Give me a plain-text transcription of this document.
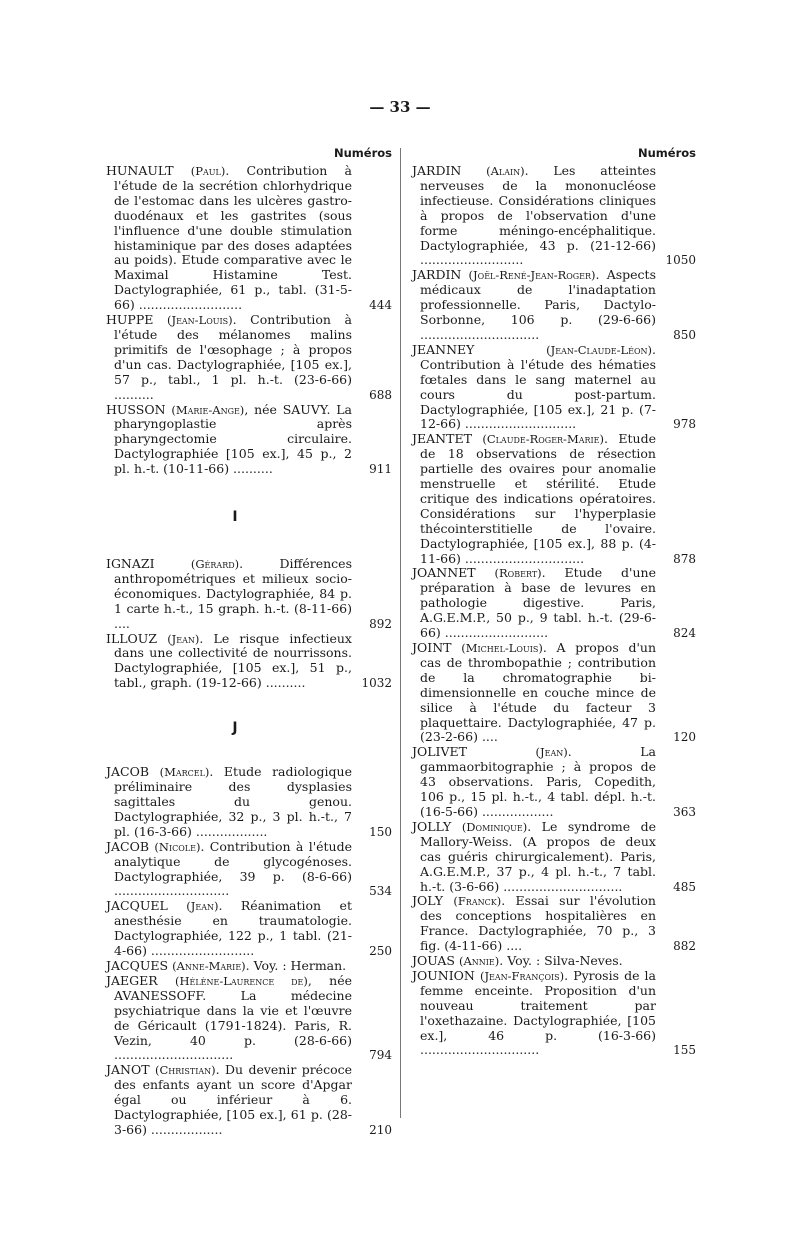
— 33 —
Numéros
HUNAULT (Paul). Contribution à l'étude de la secrétion chlorhydrique de l'estomac dans les ulcères gastro-duodénaux et les gastrites (sous l'influence d'une double stimulation histaminique par des doses adaptées au poids). Etude comparative avec le Maximal Histamine Test. Dactylographiée, 61 p., tabl. (31-5-66) ..........................	444
HUPPE (Jean-Louis). Contribution à l'étude des mélanomes malins primitifs de l'œsophage ; à propos d'un cas. Dactylographiée, [105 ex.], 57 p., tabl., 1 pl. h.-t. (23-6-66) ..........	688
HUSSON (Marie-Ange), née SAUVY. La pharyngoplastie après pharyngectomie circulaire. Dactylographiée [105 ex.], 45 p., 2 pl. h.-t. (10-11-66) ..........	911
I
IGNAZI	(Gérard). Différences anthropométriques et milieux socio-économiques. Dactylographiée, 84 p. 1 carte h.-t., 15 graph. h.-t. (8-11-66) ....	892
ILLOUZ (Jean). Le risque infectieux dans une collectivité de nourrissons. Dactylographiée, [105 ex.], 51 p., tabl., graph. (19-12-66) ..........	1032
J
JACOB (Marcel). Etude radiologique préliminaire des dysplasies sagittales du genou. Dactylographiée, 32 p., 3 pl. h.-t., 7 pl. (16-3-66) ..................	150
JACOB (Nicole). Contribution à l'étude analytique de glycogénoses. Dactylographiée, 39 p. (8-6-66) .............................	534
JACQUEL (Jean). Réanimation et anesthésie en traumatologie. Dactylographiée, 122 p., 1 tabl. (21-4-66) ..........................	250
JACQUES (Anne-Marie). Voy. : Herman.
JAEGER (Hélène-Laurence de), née AVANESSOFF. La médecine psychiatrique dans la vie et l'œuvre de Géricault (1791-1824). Paris, R. Vezin, 40 p. (28-6-66) ..............................	794
JANOT (Christian). Du devenir précoce des enfants ayant un score d'Apgar égal ou inférieur à 6. Dactylographiée, [105 ex.], 61 p. (28-3-66) ..................	210
Numéros
JARDIN (Alain). Les atteintes nerveuses de la mononucléose infectieuse. Considérations cliniques à propos de l'observation d'une forme méningo-encéphalitique. Dactylographiée, 43 p. (21-12-66) ..........................	1050
JARDIN (Joël-René-Jean-Roger). Aspects médicaux de l'inadaptation professionnelle. Paris, Dactylo-Sorbonne, 106 p. (29-6-66) ..............................	850
JEANNEY	(Jean-Claude-Léon). Contribution à l'étude des hématies fœtales dans le sang maternel au cours du post-partum. Dactylographiée, [105 ex.], 21 p. (7-12-66) ............................	978
JEANTET (Claude-Roger-Marie). Etude de 18 observations de résection partielle des ovaires pour anomalie menstruelle et stérilité. Etude critique des indications opératoires. Considérations sur l'hyperplasie thécointerstitielle de l'ovaire. Dactylographiée, [105 ex.], 88 p. (4-11-66) ..............................	878
JOANNET (Robert). Etude d'une préparation à base de levures en pathologie digestive. Paris, A.G.E.M.P., 50 p., 9 tabl. h.-t. (29-6-66) ..........................	824
JOINT (Michel-Louis). A propos d'un cas de thrombopathie ; contribution de la chromatographie bi-dimensionnelle en couche mince de silice à l'étude du facteur 3 plaquettaire. Dactylographiée, 47 p. (23-2-66) ....	120
JOLIVET	(Jean). La gammaorbitographie ; à propos de 43 observations. Paris, Copedith, 106 p., 15 pl. h.-t., 4 tabl. dépl. h.-t. (16-5-66) ..................	363
JOLLY (Dominique). Le syndrome de Mallory-Weiss. (A propos de deux cas guéris chirurgicalement). Paris, A.G.E.M.P., 37 p., 4 pl. h.-t., 7 tabl. h.-t. (3-6-66) ..............................	485
JOLY (Franck). Essai sur l'évolution des conceptions hospitalières en France. Dactylographiée, 70 p., 3 fig. (4-11-66) ....	882
JOUAS (Annie). Voy. : Silva-Neves.
JOUNION (Jean-François). Pyrosis de la femme enceinte. Proposition d'un nouveau traitement par l'oxethazaine. Dactylographiée, [105 ex.], 46 p. (16-3-66) ..............................	155
